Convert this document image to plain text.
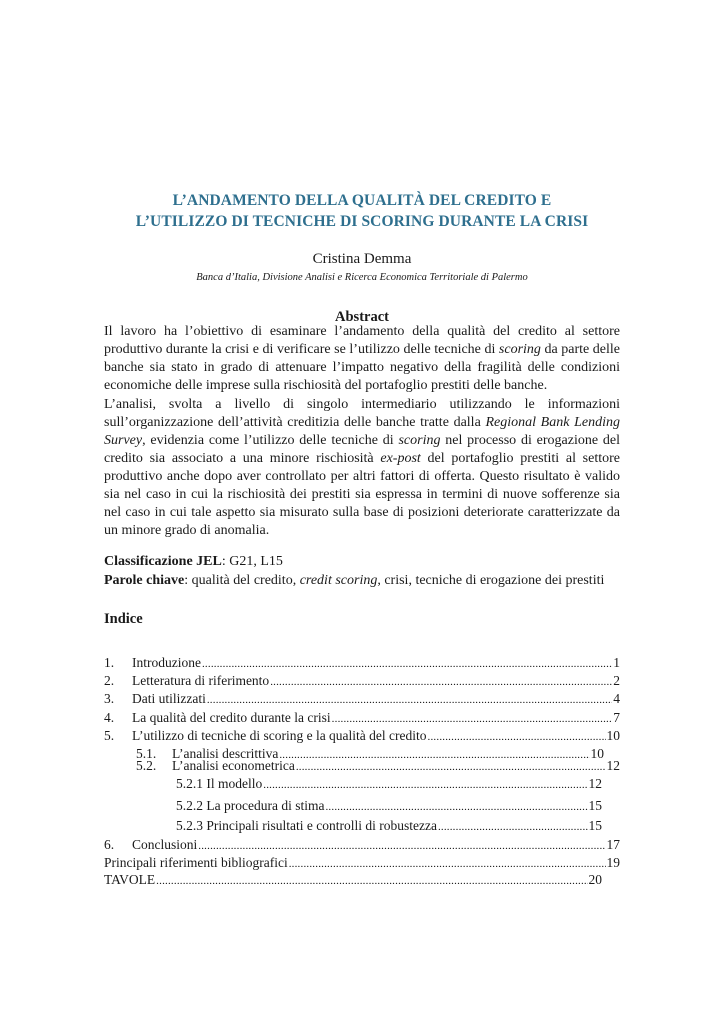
L’ANDAMENTO DELLA QUALITÀ DEL CREDITO E
L’UTILIZZO DI TECNICHE DI SCORING DURANTE LA CRISI
Cristina Demma
Banca d’Italia, Divisione Analisi e Ricerca Economica Territoriale di Palermo
Abstract
Il lavoro ha l’obiettivo di esaminare l’andamento della qualità del credito al settore produttivo durante la crisi e di verificare se l’utilizzo delle tecniche di scoring da parte delle banche sia stato in grado di attenuare l’impatto negativo della fragilità delle condizioni economiche delle imprese sulla rischiosità del portafoglio prestiti delle banche.
L’analisi, svolta a livello di singolo intermediario utilizzando le informazioni sull’organizzazione dell’attività creditizia delle banche tratte dalla Regional Bank Lending Survey, evidenzia come l’utilizzo delle tecniche di scoring nel processo di erogazione del credito sia associato a una minore rischiosità ex-post del portafoglio prestiti al settore produttivo anche dopo aver controllato per altri fattori di offerta. Questo risultato è valido sia nel caso in cui la rischiosità dei prestiti sia espressa in termini di nuove sofferenze sia nel caso in cui tale aspetto sia misurato sulla base di posizioni deteriorate caratterizzate da un minore grado di anomalia.
Classificazione JEL: G21, L15
Parole chiave: qualità del credito, credit scoring, crisi, tecniche di erogazione dei prestiti
Indice
1.	Introduzione .....	1
2.	Letteratura di riferimento .....	2
3.	Dati utilizzati .....	4
4.	La qualità del credito durante la crisi .....	7
5.	L’utilizzo di tecniche di scoring e la qualità del credito .....	10
5.1.	L’analisi descrittiva .....	10
5.2.	L’analisi econometrica .....	12
5.2.1 Il modello .....	12
5.2.2 La procedura di stima .....	15
5.2.3 Principali risultati e controlli di robustezza .....	15
6.	Conclusioni .....	17
Principali riferimenti bibliografici .....	19
TAVOLE .....	20
